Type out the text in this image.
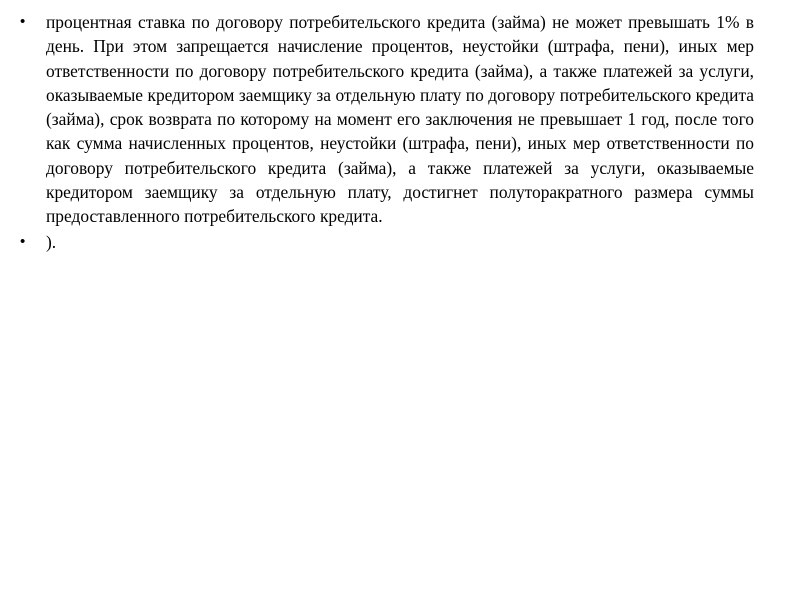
•	процентная ставка по договору потребительского кредита (займа) не может превышать 1% в день. При этом запрещается начисление процентов, неустойки (штрафа, пени), иных мер ответственности по договору потребительского кредита (займа), а также платежей за услуги, оказываемые кредитором заемщику за отдельную плату по договору потребительского кредита (займа), срок возврата по которому на момент его заключения не превышает 1 год, после того как сумма начисленных процентов, неустойки (штрафа, пени), иных мер ответственности по договору потребительского кредита (займа), а также платежей за услуги, оказываемые кредитором заемщику за отдельную плату, достигнет полуторакратного размера суммы предоставленного потребительского кредита.
•	).
